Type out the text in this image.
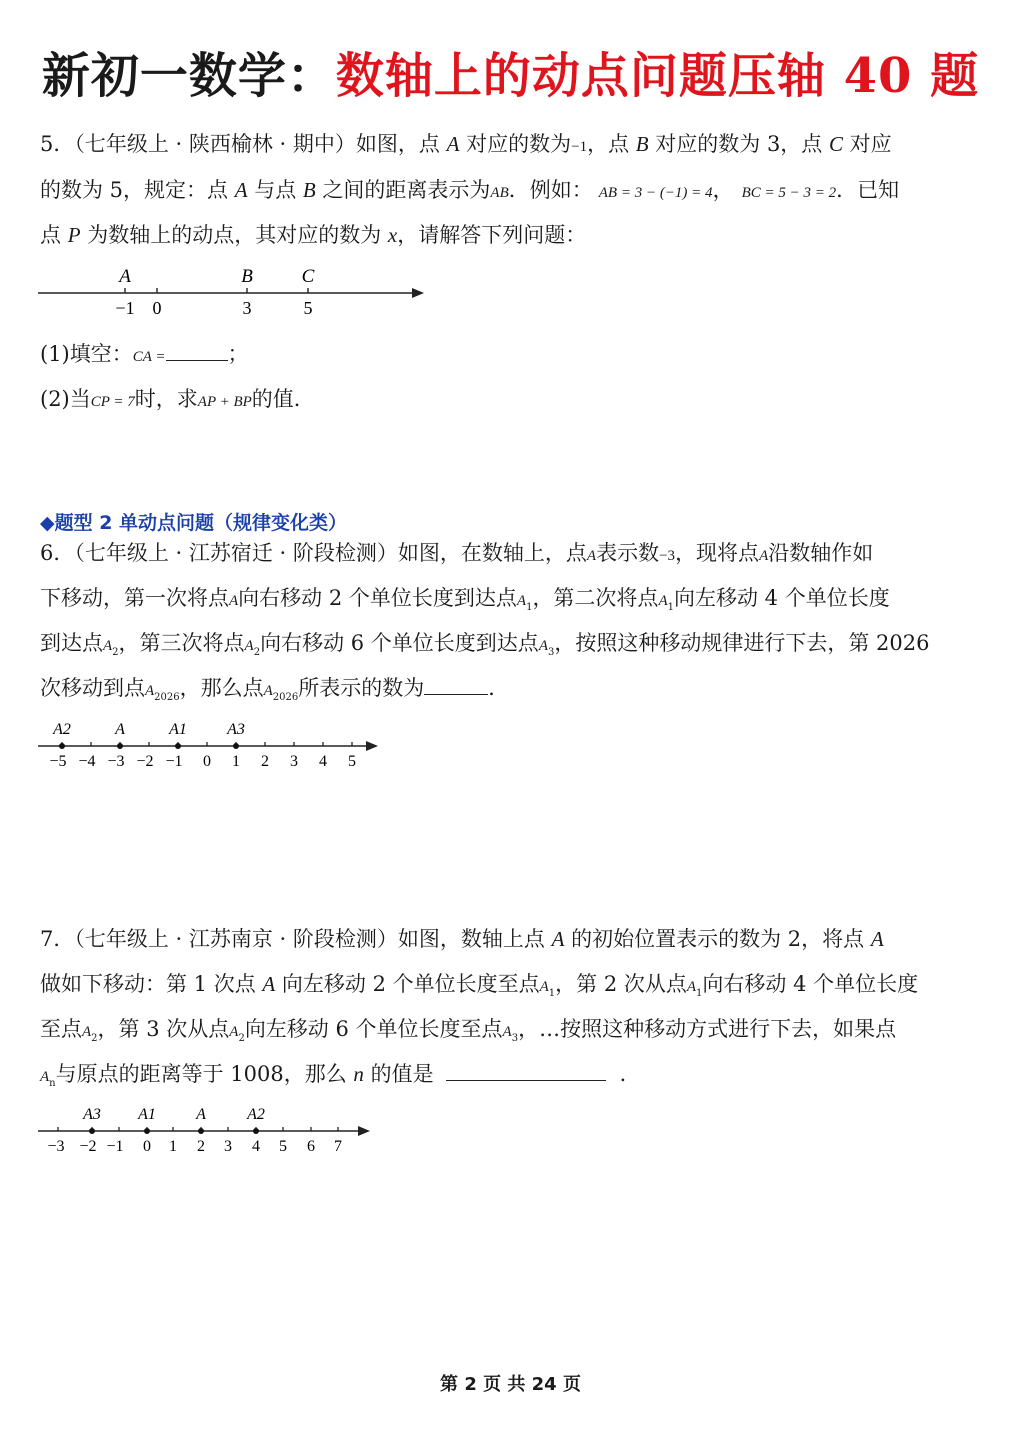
新初一数学：数轴上的动点问题压轴 40 题
5．（七年级上 · 陕西榆林 · 期中）如图，点 A 对应的数为−1，点 B 对应的数为 3，点 C 对应
的数为 5，规定：点 A 与点 B 之间的距离表示为AB．例如： AB = 3 − (−1) = 4， BC = 5 − 3 = 2．已知
点 P 为数轴上的动点，其对应的数为 x，请解答下列问题：
A	B	C
−1 0	3	5
(1)填空：CA =	；
(2)当CP = 7时，求AP + BP的值．
◆题型 2 单动点问题（规律变化类）
6．（七年级上 · 江苏宿迁 · 阶段检测）如图，在数轴上，点A表示数−3，现将点A沿数轴作如
下移动，第一次将点A向右移动 2 个单位长度到达点$A_1$，第二次将点$A_1$向左移动 4 个单位长度
到达点$A_2$，第三次将点$A_2$向右移动 6 个单位长度到达点$A_3$，按照这种移动规律进行下去，第 2026
次移动到点$A_{2026}$，那么点$A_{2026}$所表示的数为	．
A2	A	A1	A3
−5 −4 −3 −2 −1 0 1 2 3 4 5
7．（七年级上 · 江苏南京 · 阶段检测）如图，数轴上点 A 的初始位置表示的数为 2，将点 A
做如下移动：第 1 次点 A 向左移动 2 个单位长度至点$A_1$，第 2 次从点$A_1$向右移动 4 个单位长度
至点$A_2$，第 3 次从点$A_2$向左移动 6 个单位长度至点$A_3$，…按照这种移动方式进行下去，如果点
$A_n$与原点的距离等于 1008，那么 n 的值是	．
A3 A1	A	A2
−3 −2 −1 0 1 2 3 4 5 6 7
第 2 页 共 24 页
